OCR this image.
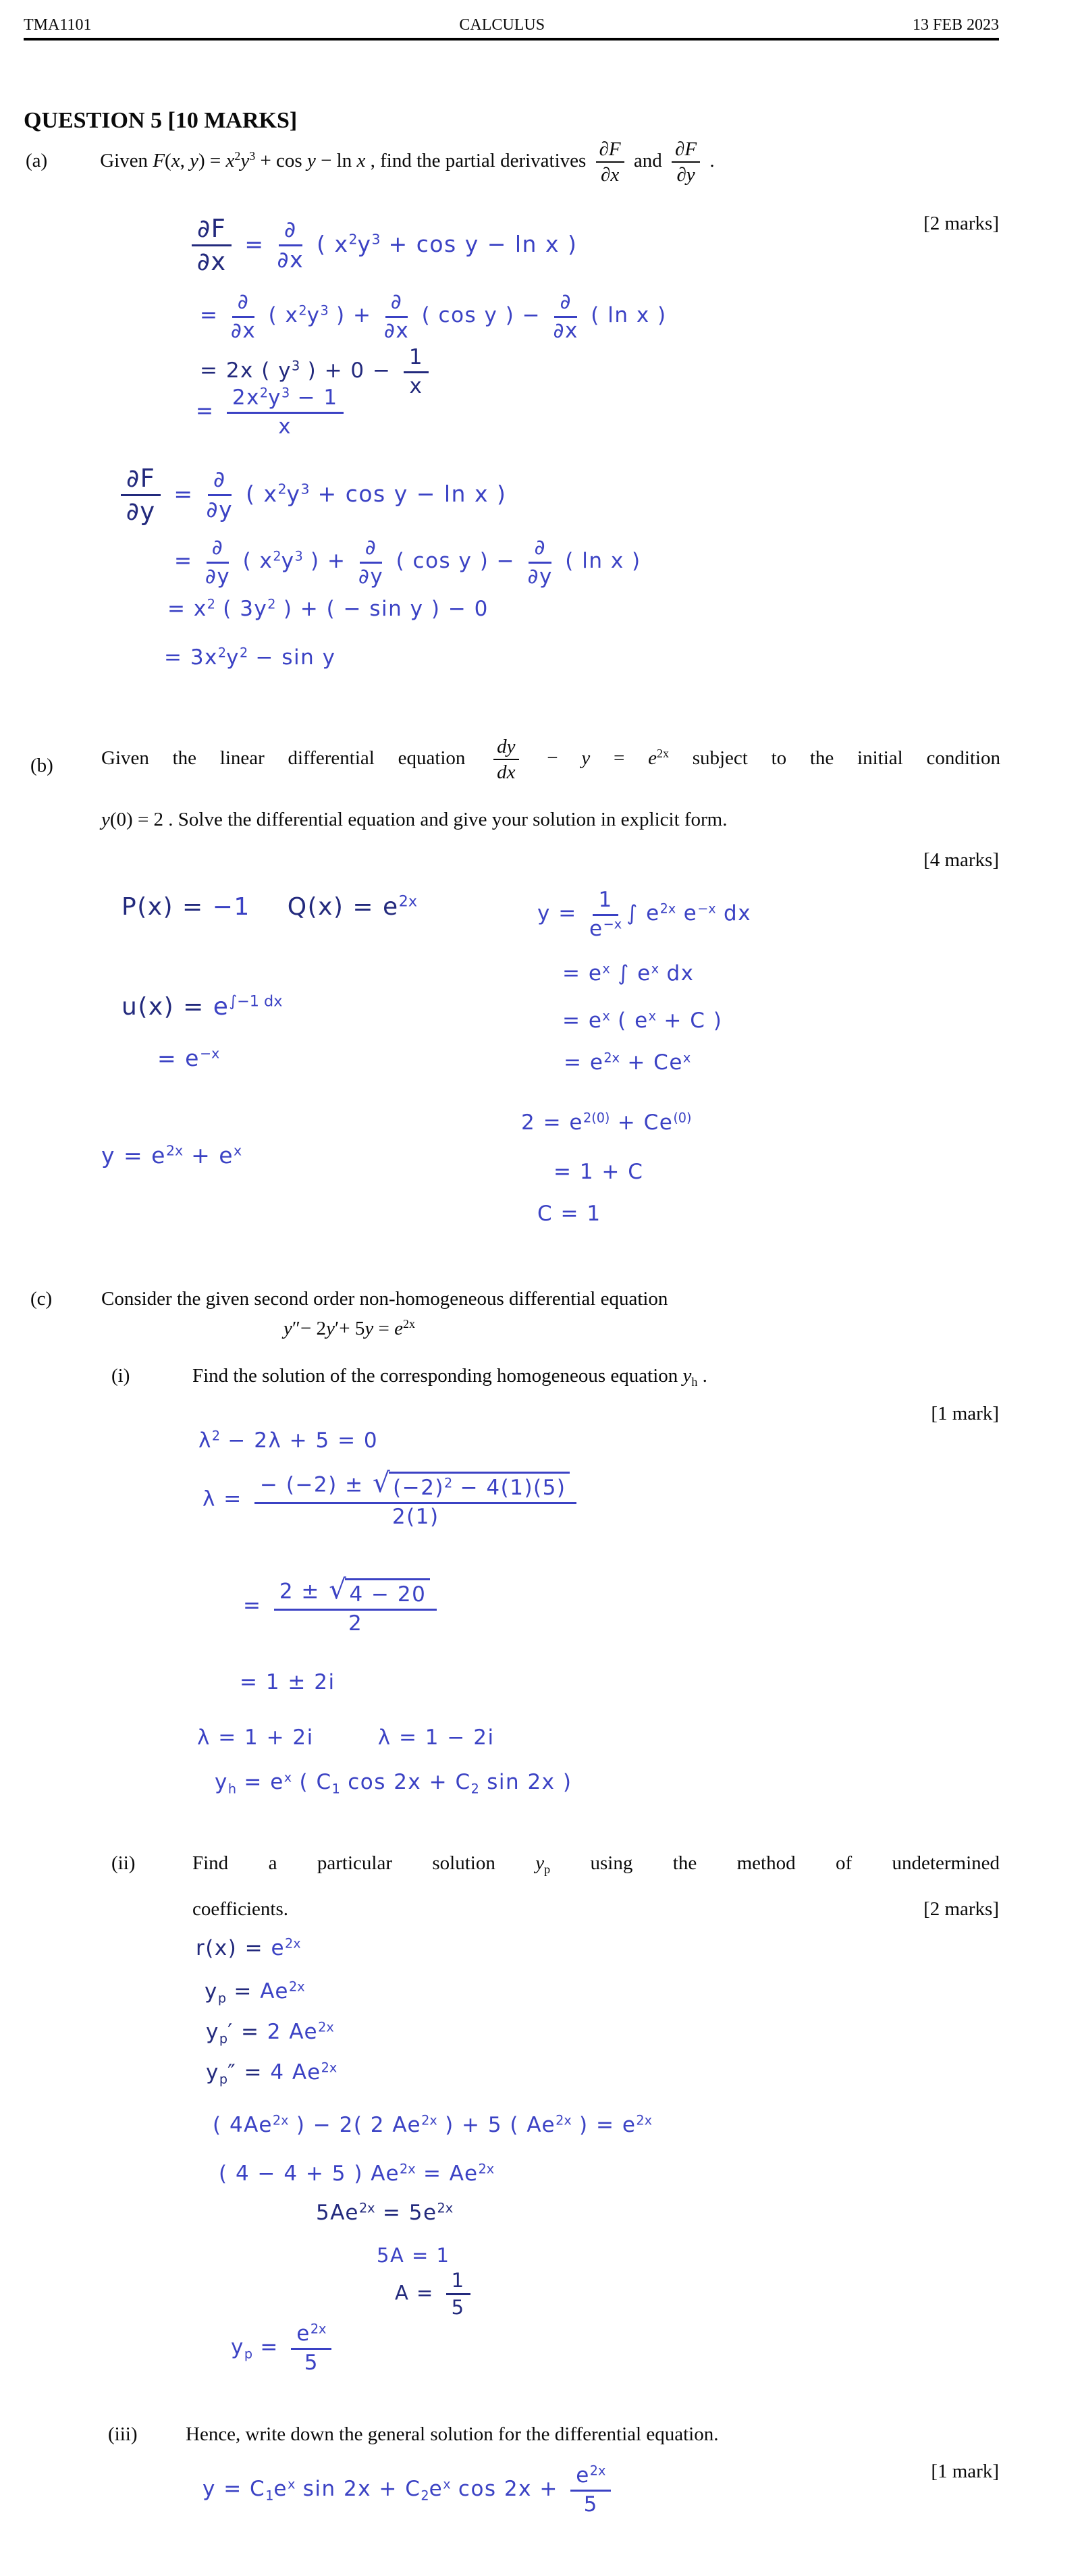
TMA1101	CALCULUS	13 FEB 2023
QUESTION 5 [10 MARKS]
(a)	Given F(x, y) = x2y3 + cos y − ln x , find the partial derivatives $\frac{\partial F}{\partial x}$ and $\frac{\partial F}{\partial y}$ .
[2 marks]
$\frac{\partial F}{\partial x}$ =
∂
∂x
( x2y3 + cos y − ln x )
=
∂
∂x
( x2y3 ) +
∂
∂x
( cos y ) −
∂
∂x
( ln x )
= 2x ( y3 ) + $0 - \frac{1}{x}$
= $\frac{2x2y3 - 1}{x}$
$\frac{\partial F}{\partial y}$ =
∂
∂y
( x2y3 + cos y − ln x )
=
∂
∂y
( x2y3 ) +
∂
∂y
( cos y ) −
∂
∂y
( ln x )
= x2 ( 3y2 ) + ( − sin y ) − 0
= 3x2y2 − sin y
(b) Given the linear differential equation $\frac{dy}{dx} - y = e2x$ subject to the initial condition
y(0) = 2 . Solve the differential equation and give your solution in explicit form.
[4 marks]
P(x) = −1 Q(x) = e2x
u(x) = e∫−1 dx
= e−x
y = e2x + ex
$y = \frac{1}{e-x}$ ∫ e2x e−x dx
= ex ∫ ex dx
= ex ( ex + C )
= e2x + Cex
2 = e2(0) + Ce(0)
= 1 + C
C = 1
(c)	Consider the given second order non-homogeneous differential equation
y″− 2y′+ 5y = e2x
(i)	Find the solution of the corresponding homogeneous equation yh .
[1 mark]
λ2 − 2λ + 5 = 0
$\lambda = \frac{- (-2) \pm √ (-2)2 - 4(1)(5)}{2(1)}$
= $\frac{2 \pm √ 4 - 20}{2}$
= 1 ± 2i
λ = 1 + 2i	λ = 1 − 2i
yh = ex ( C1 cos 2x + C2 sin 2x )
(ii)	Find a particular solution yp using the method of undetermined
coefficients.	[2 marks]
r(x) = e2x
yp = Ae2x
yp′ = 2 Ae2x
yp″ = 4 Ae2x
( 4Ae2x ) − 2( 2 Ae2x ) + 5 ( Ae2x ) = e2x
( 4 − 4 + 5 ) Ae2x = Ae2x
5Ae2x = 5e2x
5A = 1
$A = \frac{1}{5}$
yp = $\frac{e2x}{5}$
(iii) Hence, write down the general solution for the differential equation.
[1 mark]
y = C1ex sin 2x + C2ex $\cos 2x + \frac{e2x}{5}$
